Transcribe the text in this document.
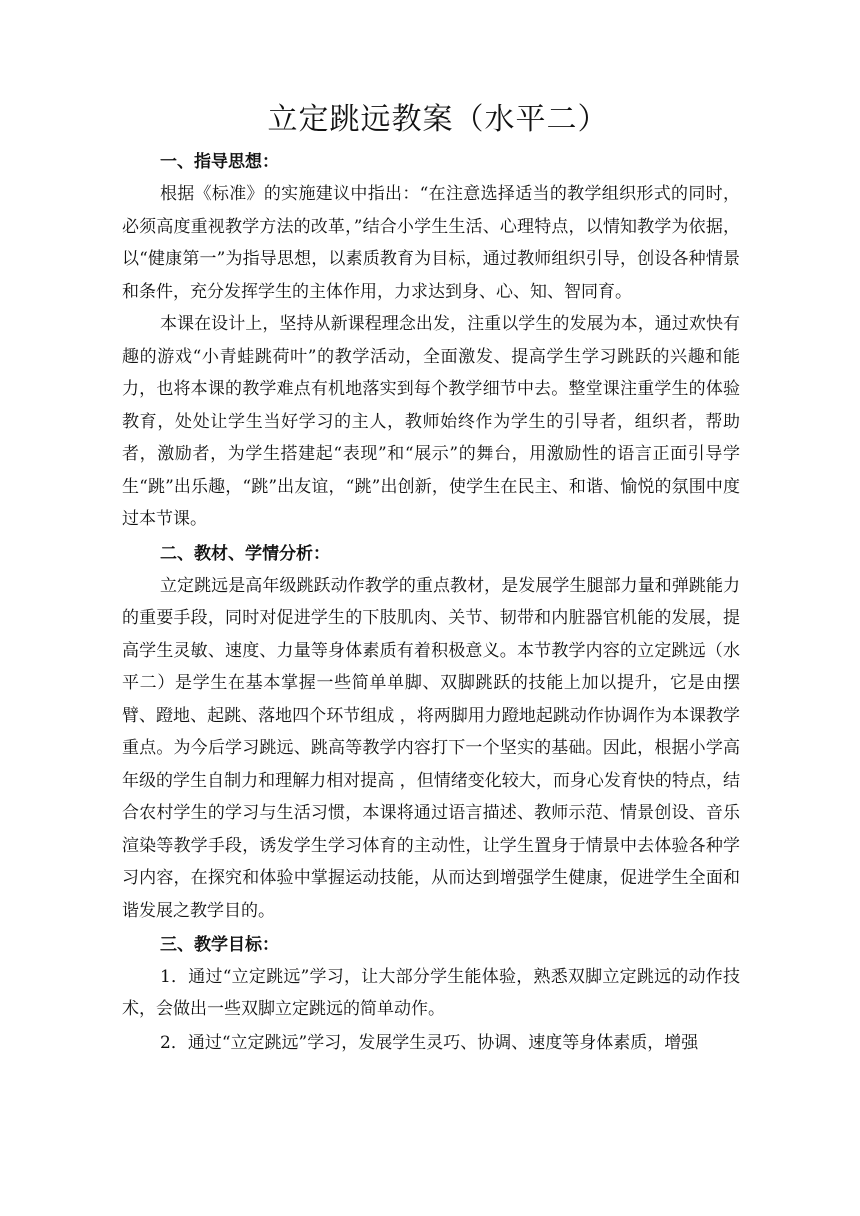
立定跳远教案（水平二）
一、指导思想：

根据《标准》的实施建议中指出：“在注意选择适当的教学组织形式的同时，必须高度重视教学方法的改革，”结合小学生生活、心理特点，以情知教学为依据，以“健康第一”为指导思想，以素质教育为目标，通过教师组织引导，创设各种情景和条件，充分发挥学生的主体作用，力求达到身、心、知、智同育。

本课在设计上，坚持从新课程理念出发，注重以学生的发展为本，通过欢快有趣的游戏“小青蛙跳荷叶”的教学活动，全面激发、提高学生学习跳跃的兴趣和能力，也将本课的教学难点有机地落实到每个教学细节中去。整堂课注重学生的体验教育，处处让学生当好学习的主人，教师始终作为学生的引导者，组织者，帮助者，激励者，为学生搭建起“表现”和“展示”的舞台，用激励性的语言正面引导学生“跳”出乐趣，“跳”出友谊，“跳”出创新，使学生在民主、和谐、愉悦的氛围中度过本节课。

二、教材、学情分析：

立定跳远是高年级跳跃动作教学的重点教材，是发展学生腿部力量和弹跳能力的重要手段，同时对促进学生的下肢肌肉、关节、韧带和内脏器官机能的发展，提高学生灵敏、速度、力量等身体素质有着积极意义。本节教学内容的立定跳远（水平二）是学生在基本掌握一些简单单脚、双脚跳跃的技能上加以提升，它是由摆臂、蹬地、起跳、落地四个环节组成 ，将两脚用力蹬地起跳动作协调作为本课教学重点。为今后学习跳远、跳高等教学内容打下一个坚实的基础。因此，根据小学高年级的学生自制力和理解力相对提高 ，但情绪变化较大，而身心发育快的特点，结合农村学生的学习与生活习惯，本课将通过语言描述、教师示范、情景创设、音乐渲染等教学手段，诱发学生学习体育的主动性，让学生置身于情景中去体验各种学习内容，在探究和体验中掌握运动技能，从而达到增强学生健康，促进学生全面和谐发展之教学目的。

三、教学目标：

1．通过“立定跳远”学习，让大部分学生能体验，熟悉双脚立定跳远的动作技术，会做出一些双脚立定跳远的简单动作。

2．通过“立定跳远”学习，发展学生灵巧、协调、速度等身体素质，增强
